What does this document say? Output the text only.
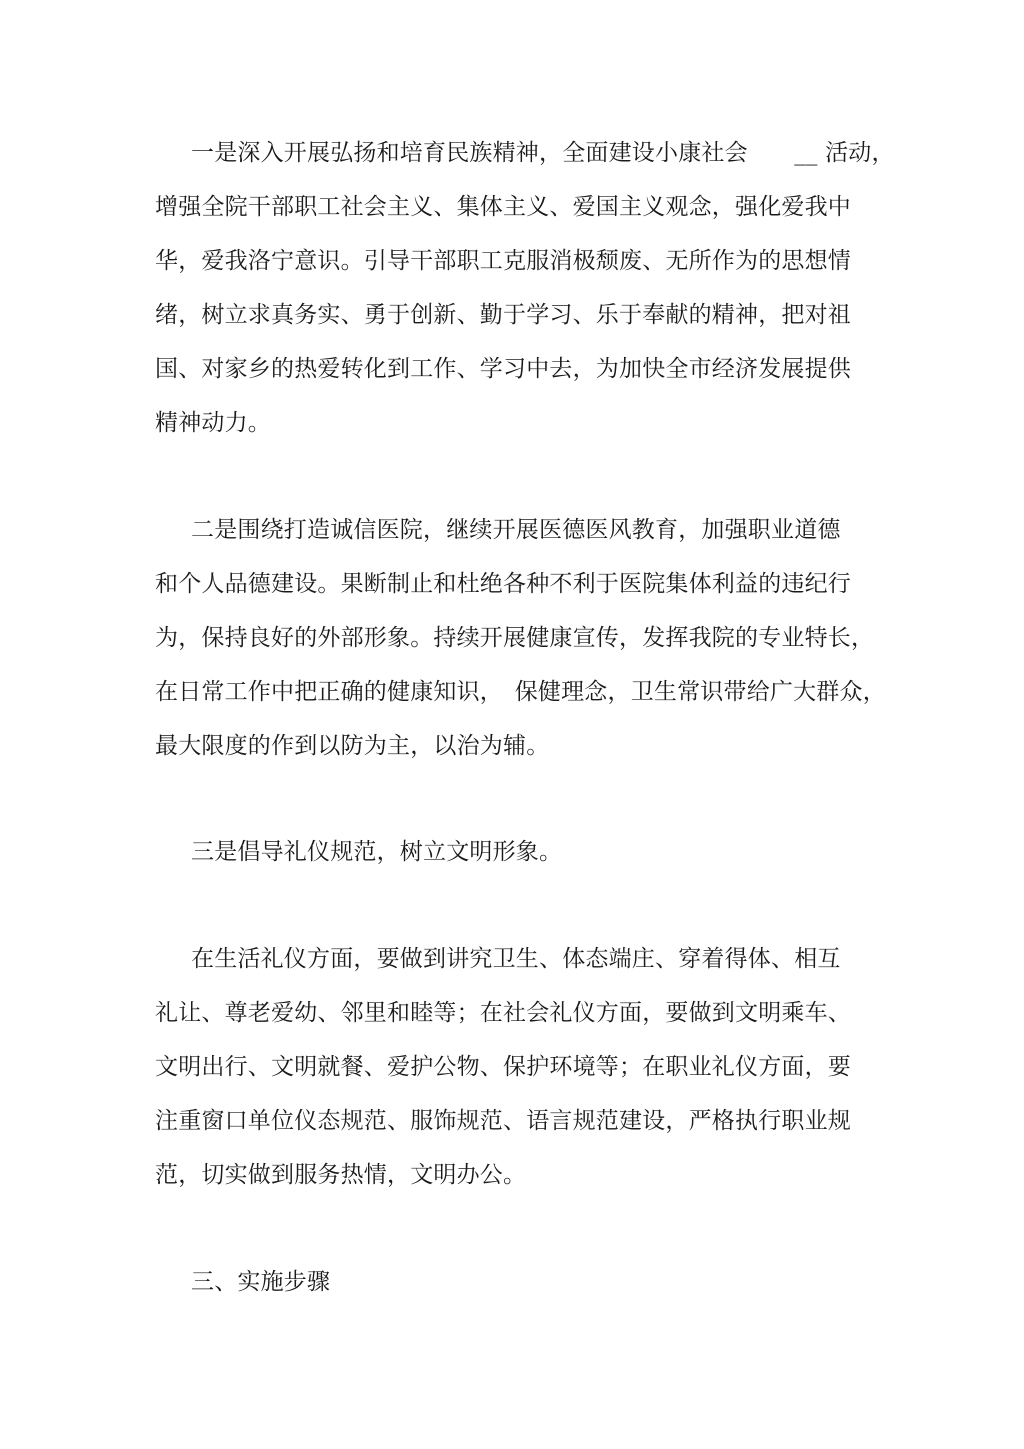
一是深入开展弘扬和培育民族精神，全面建设小康社会　　__ 活动，
增强全院干部职工社会主义、集体主义、爱国主义观念，强化爱我中
华，爱我洛宁意识。引导干部职工克服消极颓废、无所作为的思想情
绪，树立求真务实、勇于创新、勤于学习、乐于奉献的精神，把对祖
国、对家乡的热爱转化到工作、学习中去，为加快全市经济发展提供
精神动力。
二是围绕打造诚信医院，继续开展医德医风教育，加强职业道德
和个人品德建设。果断制止和杜绝各种不利于医院集体利益的违纪行
为，保持良好的外部形象。持续开展健康宣传，发挥我院的专业特长，
在日常工作中把正确的健康知识，　保健理念，卫生常识带给广大群众，
最大限度的作到以防为主，以治为辅。
三是倡导礼仪规范，树立文明形象。
在生活礼仪方面，要做到讲究卫生、体态端庄、穿着得体、相互
礼让、尊老爱幼、邻里和睦等；在社会礼仪方面，要做到文明乘车、
文明出行、文明就餐、爱护公物、保护环境等；在职业礼仪方面，要
注重窗口单位仪态规范、服饰规范、语言规范建设，严格执行职业规
范，切实做到服务热情，文明办公。
三、实施步骤
